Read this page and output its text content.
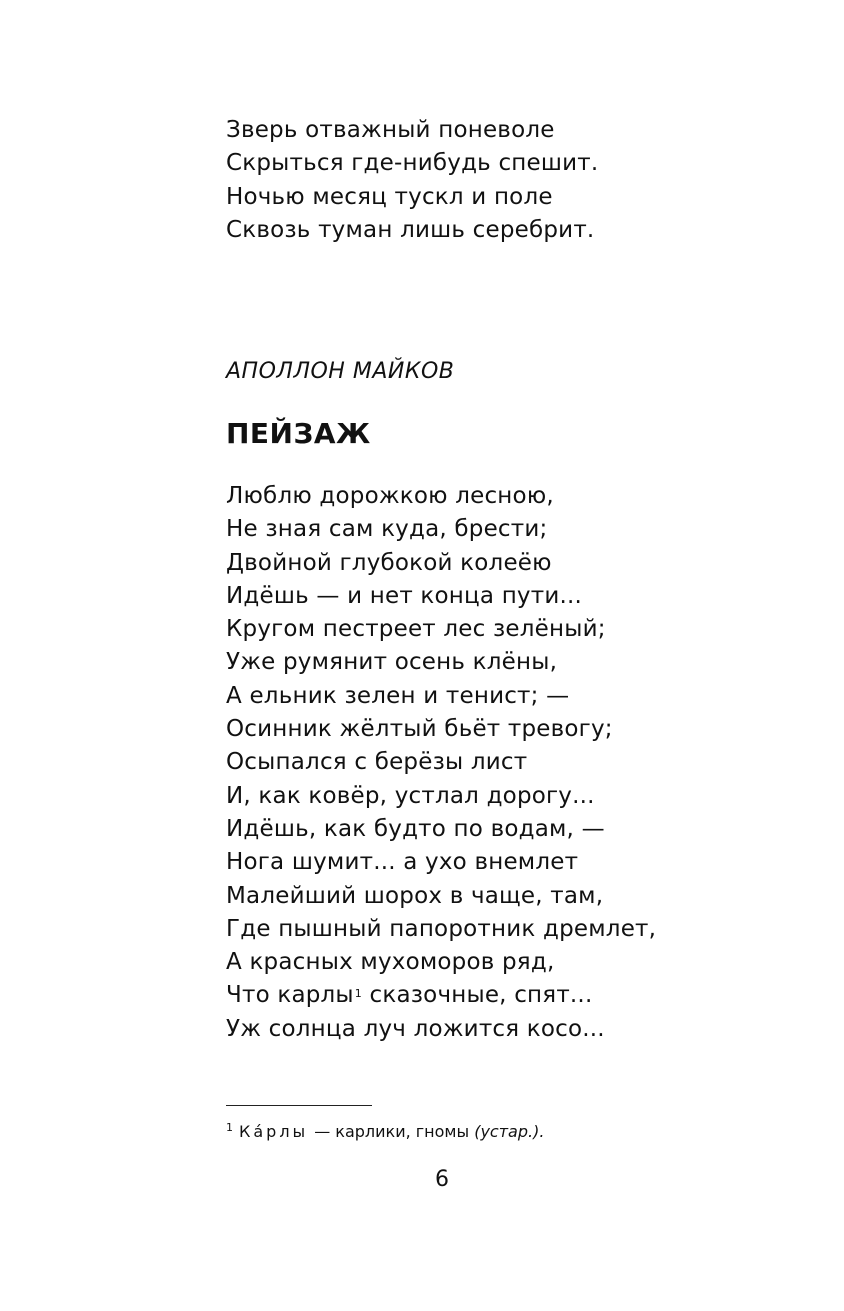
Зверь отважный поневоле
Скрыться где-нибудь спешит.
Ночью месяц тускл и поле
Сквозь туман лишь серебрит.
АПОЛЛОН МАЙКОВ
ПЕЙЗАЖ
Люблю дорожкою лесною,
Не зная сам куда, брести;
Двойной глубокой колеёю
Идёшь — и нет конца пути...
Кругом пестреет лес зелёный;
Уже румянит осень клёны,
А ельник зелен и тенист; —
Осинник жёлтый бьёт тревогу;
Осыпался с берёзы лист
И, как ковёр, устлал дорогу...
Идёшь, как будто по водам, —
Нога шумит... а ухо внемлет
Малейший шорох в чаще, там,
Где пышный папоротник дремлет,
А красных мухоморов ряд,
Что карлы$^1$ сказочные, спят...
Уж солнца луч ложится косо...
$^1$ Ка́рлы — карлики, гномы (устар.).
6
